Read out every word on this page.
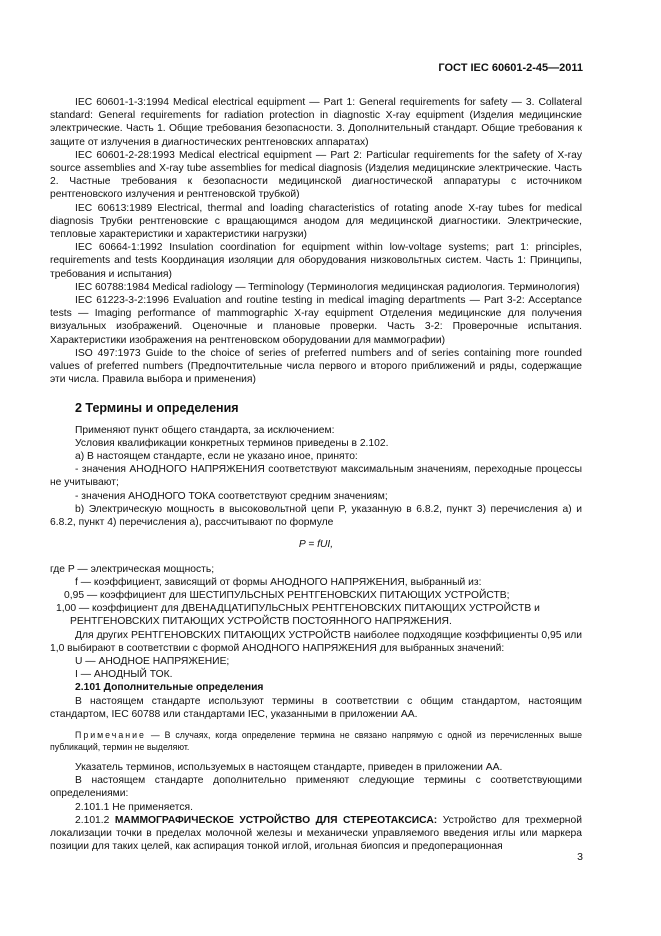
ГОСТ IEC 60601-2-45—2011

IEC 60601-1-3:1994 Medical electrical equipment — Part 1: General requirements for safety — 3. Collateral standard: General requirements for radiation protection in diagnostic X-ray equipment (Изделия медицинские электрические. Часть 1. Общие требования безопасности. 3. Дополнительный стандарт. Общие требования к защите от излучения в диагностических рентгеновских аппаратах)

IEC 60601-2-28:1993 Medical electrical equipment — Part 2: Particular requirements for the safety of X-ray source assemblies and X-ray tube assemblies for medical diagnosis (Изделия медицинские электрические. Часть 2. Частные требования к безопасности медицинской диагностической аппаратуры с источником рентгеновского излучения и рентгеновской трубкой)

IEC 60613:1989 Electrical, thermal and loading characteristics of rotating anode X-ray tubes for medical diagnosis Трубки рентгеновские с вращающимся анодом для медицинской диагностики. Электрические, тепловые характеристики и характеристики нагрузки)

IEC 60664-1:1992 Insulation coordination for equipment within low-voltage systems; part 1: principles, requirements and tests Координация изоляции для оборудования низковольтных систем. Часть 1: Принципы, требования и испытания)

IEC 60788:1984 Medical radiology — Terminology (Терминология медицинская радиология. Терминология)

IEC 61223-3-2:1996 Evaluation and routine testing in medical imaging departments — Part 3-2: Acceptance tests — Imaging performance of mammographic X-ray equipment Отделения медицинские для получения визуальных изображений. Оценочные и плановые проверки. Часть 3-2: Проверочные испытания. Характеристики изображения на рентгеновском оборудовании для маммографии)

ISO 497:1973 Guide to the choice of series of preferred numbers and of series containing more rounded values of preferred numbers (Предпочтительные числа первого и второго приближений и ряды, содержащие эти числа. Правила выбора и применения)

2 Термины и определения

Применяют пункт общего стандарта, за исключением:

Условия квалификации конкретных терминов приведены в 2.102.

а) В настоящем стандарте, если не указано иное, принято:

- значения АНОДНОГО НАПРЯЖЕНИЯ соответствуют максимальным значениям, переходные процессы не учитывают;

- значения АНОДНОГО ТОКА соответствуют средним значениям;

b) Электрическую мощность в высоковольтной цепи P, указанную в 6.8.2, пункт 3) перечисления a) и 6.8.2, пункт 4) перечисления a), рассчитывают по формуле

P = fUI,

где P — электрическая мощность;

f — коэффициент, зависящий от формы АНОДНОГО НАПРЯЖЕНИЯ, выбранный из:

0,95 — коэффициент для ШЕСТИПУЛЬСНЫХ РЕНТГЕНОВСКИХ ПИТАЮЩИХ УСТРОЙСТВ;

1,00 — коэффициент для ДВЕНАДЦАТИПУЛЬСНЫХ РЕНТГЕНОВСКИХ ПИТАЮЩИХ УСТРОЙСТВ и
РЕНТГЕНОВСКИХ ПИТАЮЩИХ УСТРОЙСТВ ПОСТОЯННОГО НАПРЯЖЕНИЯ.

Для других РЕНТГЕНОВСКИХ ПИТАЮЩИХ УСТРОЙСТВ наиболее подходящие коэффициенты 0,95 или 1,0 выбирают в соответствии с формой АНОДНОГО НАПРЯЖЕНИЯ для выбранных значений:

U — АНОДНОЕ НАПРЯЖЕНИЕ;

I — АНОДНЫЙ ТОК.

2.101 Дополнительные определения

В настоящем стандарте используют термины в соответствии с общим стандартом, настоящим стандартом, IEC 60788 или стандартами IEC, указанными в приложении АА.

Примечание — В случаях, когда определение термина не связано напрямую с одной из перечисленных выше публикаций, термин не выделяют.

Указатель терминов, используемых в настоящем стандарте, приведен в приложении АА.

В настоящем стандарте дополнительно применяют следующие термины с соответствующими определениями:

2.101.1 Не применяется.

2.101.2 МАММОГРАФИЧЕСКОЕ УСТРОЙСТВО ДЛЯ СТЕРЕОТАКСИСА: Устройство для трехмерной локализации точки в пределах молочной железы и механически управляемого введения иглы или маркера позиции для таких целей, как аспирация тонкой иглой, игольная биопсия и предоперационная

3
